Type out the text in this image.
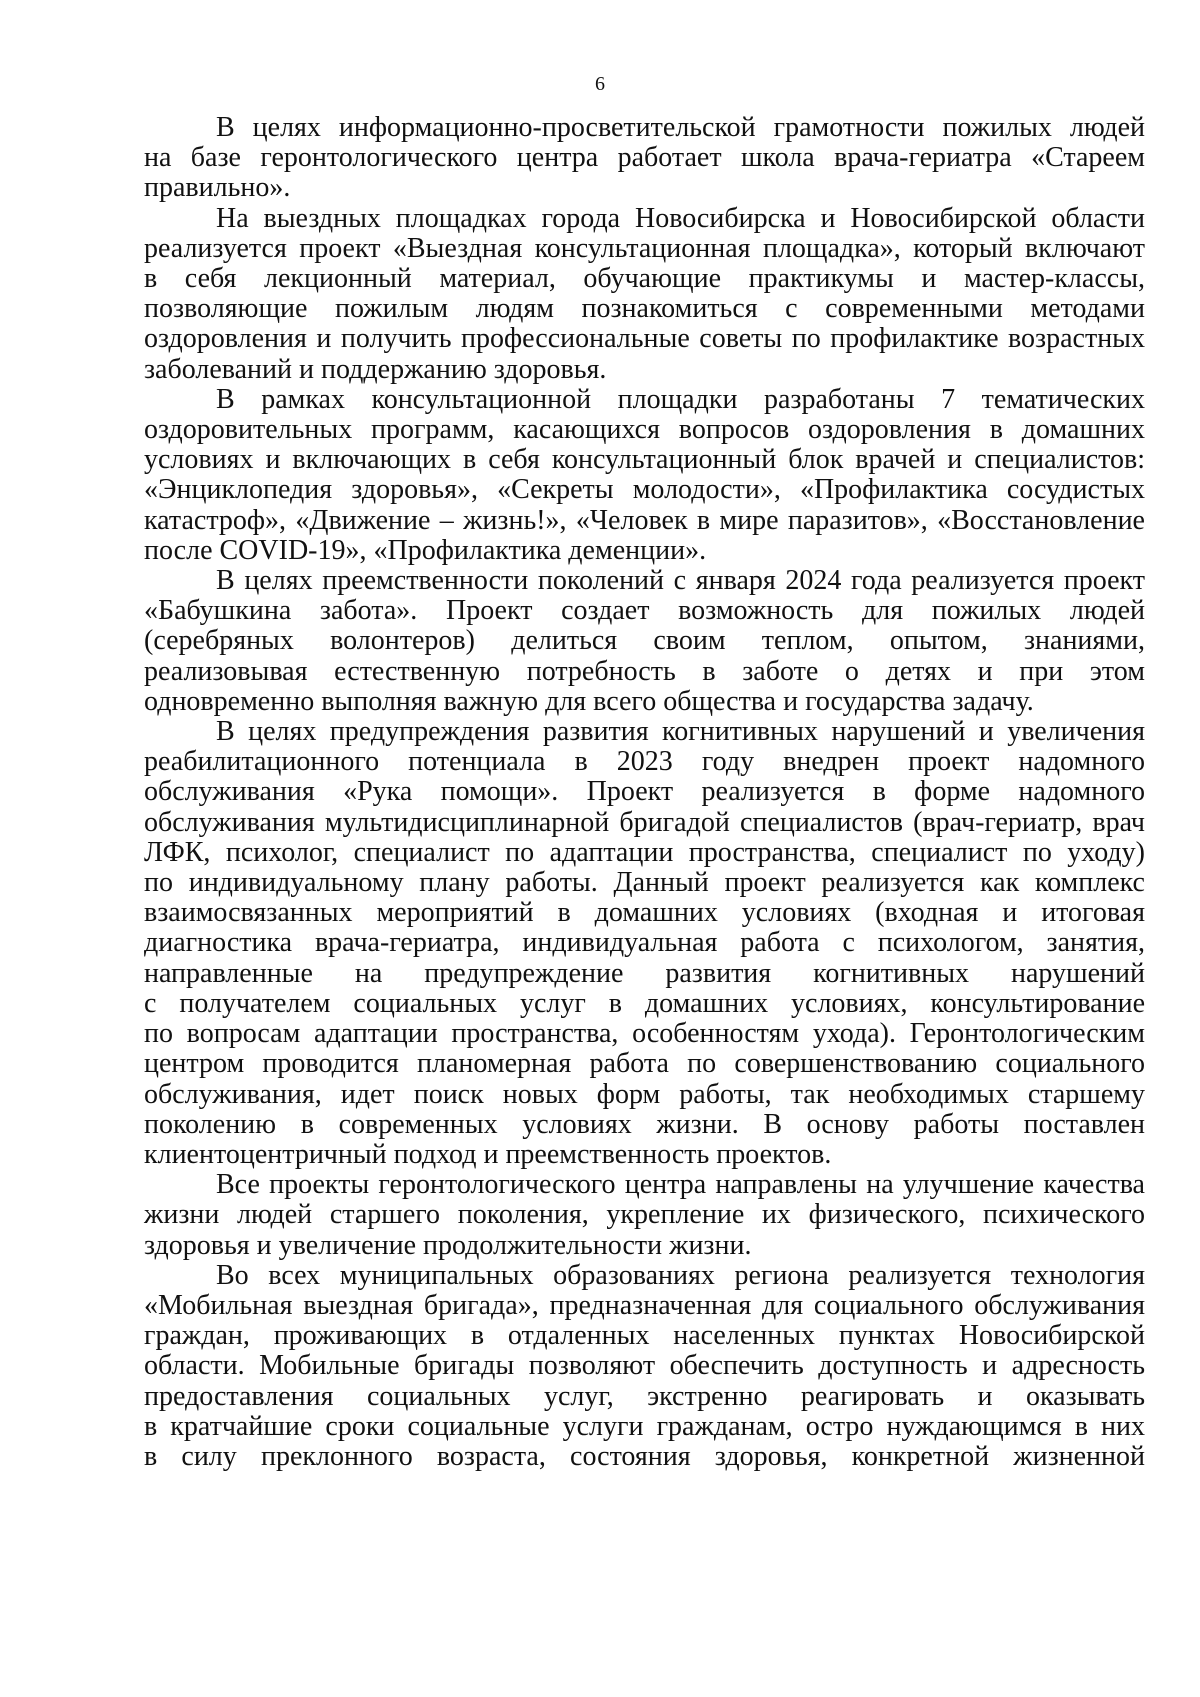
6
В целях информационно-просветительской грамотности пожилых людей
на базе геронтологического центра работает школа врача-гериатра «Стареем
правильно».
На выездных площадках города Новосибирска и Новосибирской области
реализуется проект «Выездная консультационная площадка», который включают
в себя лекционный материал, обучающие практикумы и мастер-классы,
позволяющие пожилым людям познакомиться с современными методами
оздоровления и получить профессиональные советы по профилактике возрастных
заболеваний и поддержанию здоровья.
В рамках консультационной площадки разработаны 7 тематических
оздоровительных программ, касающихся вопросов оздоровления в домашних
условиях и включающих в себя консультационный блок врачей и специалистов:
«Энциклопедия здоровья», «Секреты молодости», «Профилактика сосудистых
катастроф», «Движение – жизнь!», «Человек в мире паразитов», «Восстановление
после COVID-19», «Профилактика деменции».
В целях преемственности поколений с января 2024 года реализуется проект
«Бабушкина забота». Проект создает возможность для пожилых людей
(серебряных волонтеров) делиться своим теплом, опытом, знаниями,
реализовывая естественную потребность в заботе о детях и при этом
одновременно выполняя важную для всего общества и государства задачу.
В целях предупреждения развития когнитивных нарушений и увеличения
реабилитационного потенциала в 2023 году внедрен проект надомного
обслуживания «Рука помощи». Проект реализуется в форме надомного
обслуживания мультидисциплинарной бригадой специалистов (врач-гериатр, врач
ЛФК, психолог, специалист по адаптации пространства, специалист по уходу)
по индивидуальному плану работы. Данный проект реализуется как комплекс
взаимосвязанных мероприятий в домашних условиях (входная и итоговая
диагностика врача-гериатра, индивидуальная работа с психологом, занятия,
направленные на предупреждение развития когнитивных нарушений
с получателем социальных услуг в домашних условиях, консультирование
по вопросам адаптации пространства, особенностям ухода). Геронтологическим
центром проводится планомерная работа по совершенствованию социального
обслуживания, идет поиск новых форм работы, так необходимых старшему
поколению в современных условиях жизни. В основу работы поставлен
клиентоцентричный подход и преемственность проектов.
Все проекты геронтологического центра направлены на улучшение качества
жизни людей старшего поколения, укрепление их физического, психического
здоровья и увеличение продолжительности жизни.
Во всех муниципальных образованиях региона реализуется технология
«Мобильная выездная бригада», предназначенная для социального обслуживания
граждан, проживающих в отдаленных населенных пунктах Новосибирской
области. Мобильные бригады позволяют обеспечить доступность и адресность
предоставления социальных услуг, экстренно реагировать и оказывать
в кратчайшие сроки социальные услуги гражданам, остро нуждающимся в них
в силу преклонного возраста, состояния здоровья, конкретной жизненной
